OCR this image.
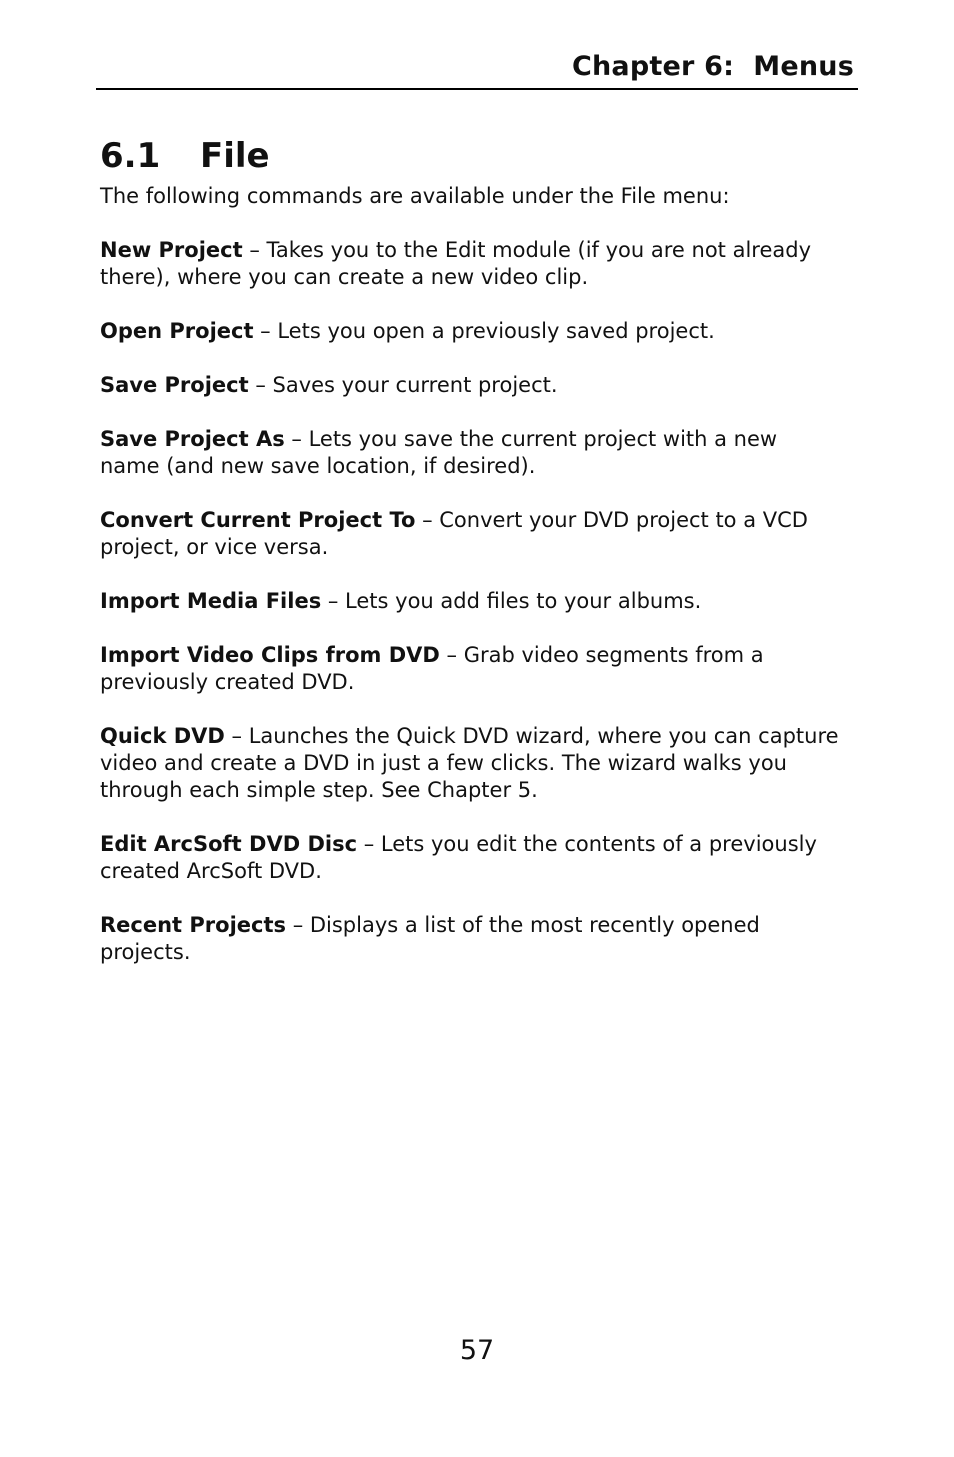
Chapter 6:  Menus

6.1 File

The following commands are available under the File menu:

New Project – Takes you to the Edit module (if you are not already there), where you can create a new video clip.

Open Project – Lets you open a previously saved project.

Save Project – Saves your current project.

Save Project As – Lets you save the current project with a new name (and new save location, if desired).

Convert Current Project To – Convert your DVD project to a VCD project, or vice versa.

Import Media Files – Lets you add files to your albums.

Import Video Clips from DVD – Grab video segments from a previously created DVD.

Quick DVD – Launches the Quick DVD wizard, where you can capture video and create a DVD in just a few clicks. The wizard walks you through each simple step. See Chapter 5.

Edit ArcSoft DVD Disc – Lets you edit the contents of a previously created ArcSoft DVD.

Recent Projects – Displays a list of the most recently opened projects.

57
